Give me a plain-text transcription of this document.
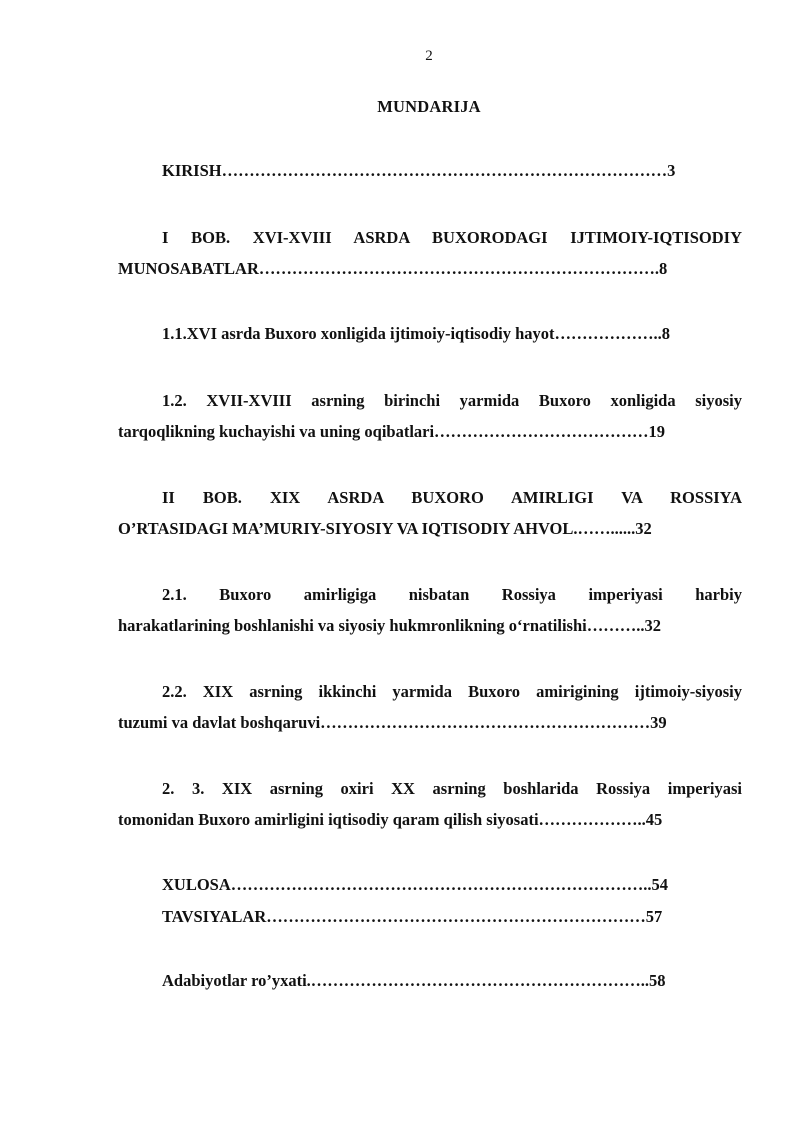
2
MUNDARIJA
KIRISH………………………………………………………………………3
I BOB. XVI-XVIII ASRDA BUXORODAGI IJTIMOIY-IQTISODIY
MUNOSABATLAR……………………………………………………………….8
1.1.XVI asrda Buxoro xonligida ijtimoiy-iqtisodiy hayot………………..8
1.2. XVII-XVIII asrning birinchi yarmida Buxoro xonligida siyosiy
tarqoqlikning kuchayishi va uning oqibatlari…………………………………19
II BOB. XIX ASRDA BUXORO AMIRLIGI VA ROSSIYA
O’RTASIDAGI MA’MURIY-SIYOSIY VA IQTISODIY AHVOL.……......32
2.1. Buxoro amirligiga nisbatan Rossiya imperiyasi harbiy
harakatlarining boshlanishi va siyosiy hukmronlikning o‘rnatilishi………..32
2.2. XIX asrning ikkinchi yarmida Buxoro amirigining ijtimoiy-siyosiy
tuzumi va davlat boshqaruvi……………………………………………………39
2. 3. XIX asrning oxiri XX asrning boshlarida Rossiya imperiyasi
tomonidan Buxoro amirligini iqtisodiy qaram qilish siyosati………………..45
XULOSA…………………………………………………………………..54
TAVSIYALAR……………………………………………………………57
Adabiyotlar ro’yxati.……………………………………………………..58
